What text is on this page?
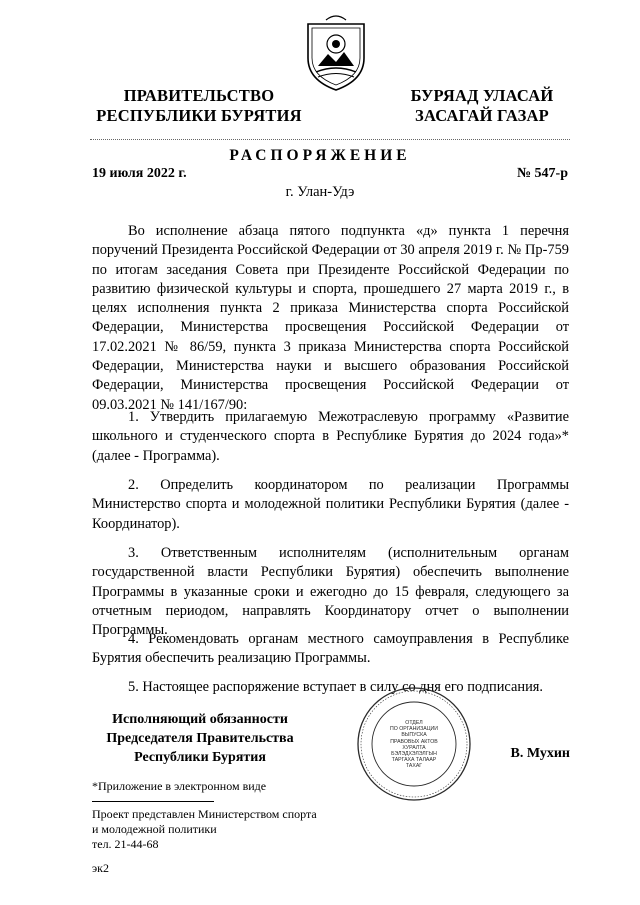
ПРАВИТЕЛЬСТВО
РЕСПУБЛИКИ БУРЯТИЯ
БУРЯАД УЛАСАЙ
ЗАСАГАЙ ГАЗАР
РАСПОРЯЖЕНИЕ
19 июля 2022 г.	№ 547-р
г. Улан-Удэ
Во исполнение абзаца пятого подпункта «д» пункта 1 перечня поручений Президента Российской Федерации от 30 апреля 2019 г. № Пр-759 по итогам заседания Совета при Президенте Российской Федерации по развитию физической культуры и спорта, прошедшего 27 марта 2019 г., в целях исполнения пункта 2 приказа Министерства спорта Российской Федерации, Министерства просвещения Российской Федерации от 17.02.2021 № 86/59, пункта 3 приказа Министерства спорта Российской Федерации, Министерства науки и высшего образования Российской Федерации, Министерства просвещения Российской Федерации от 09.03.2021 № 141/167/90:
1. Утвердить прилагаемую Межотраслевую программу «Развитие школьного и студенческого спорта в Республике Бурятия до 2024 года»* (далее - Программа).
2. Определить координатором по реализации Программы Министерство спорта и молодежной политики Республики Бурятия (далее - Координатор).
3. Ответственным исполнителям (исполнительным органам государственной власти Республики Бурятия) обеспечить выполнение Программы в указанные сроки и ежегодно до 15 февраля, следующего за отчетным периодом, направлять Координатору отчет о выполнении Программы.
4. Рекомендовать органам местного самоуправления в Республике Бурятия обеспечить реализацию Программы.
5. Настоящее распоряжение вступает в силу со дня его подписания.
Исполняющий обязанности
Председателя Правительства
Республики Бурятия	В. Мухин
ОТДЕЛ
ПО ОРГАНИЗАЦИИ
ВЫПУСКА
ПРАВОВЫХ АКТОВ
ХУРАЛТА
БЭЛЭДХЭЛЭЛГЫН
ТАРГАХА ТАЛААР
ТАХАГ
*Приложение в электронном виде
Проект представлен Министерством спорта
и молодежной политики
тел. 21-44-68
эк2
